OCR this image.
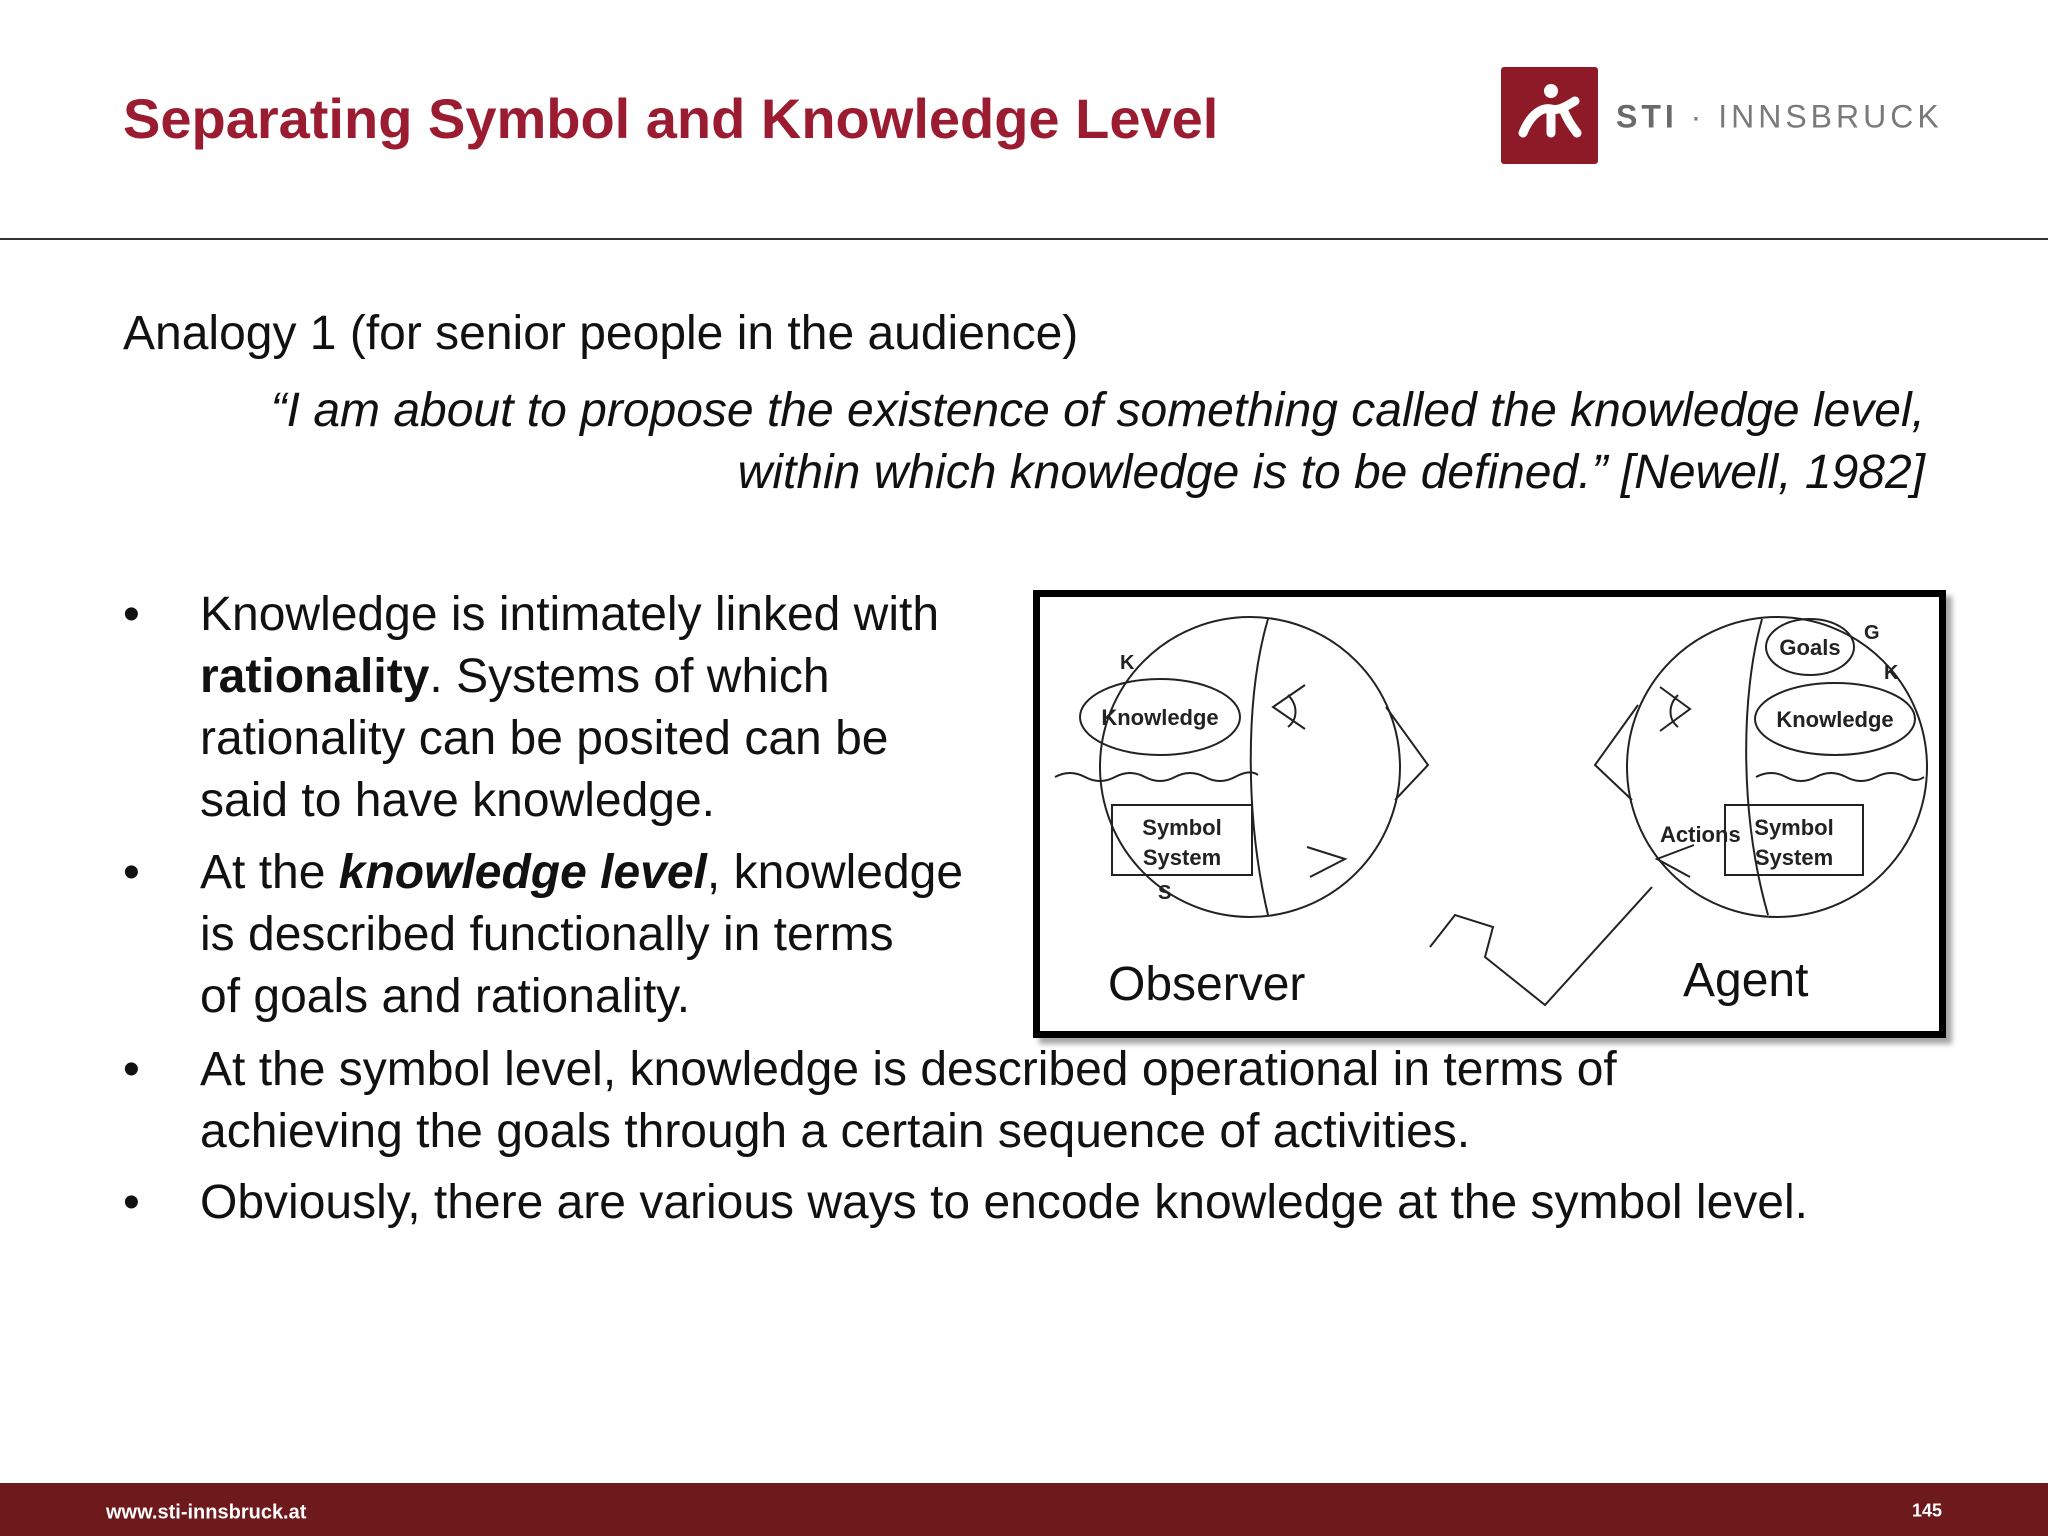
Separating Symbol and Knowledge Level	STI · INNSBRUCK
Analogy 1 (for senior people in the audience)
“I am about to propose the existence of something called the knowledge level,
within which knowledge is to be defined.” [Newell, 1982]
• Knowledge is intimately linked with
rationality. Systems of which
rationality can be posited can be
said to have knowledge.
• At the knowledge level, knowledge
is described functionally in terms
of goals and rationality.
• At the symbol level, knowledge is described operational in terms of
achieving the goals through a certain sequence of activities.
• Obviously, there are various ways to encode knowledge at the symbol level.
Knowledge
Symbol
System
K
S
Goals
Knowledge
Symbol
System
Actions
G
K
Observer	Agent
www.sti-innsbruck.at	145
